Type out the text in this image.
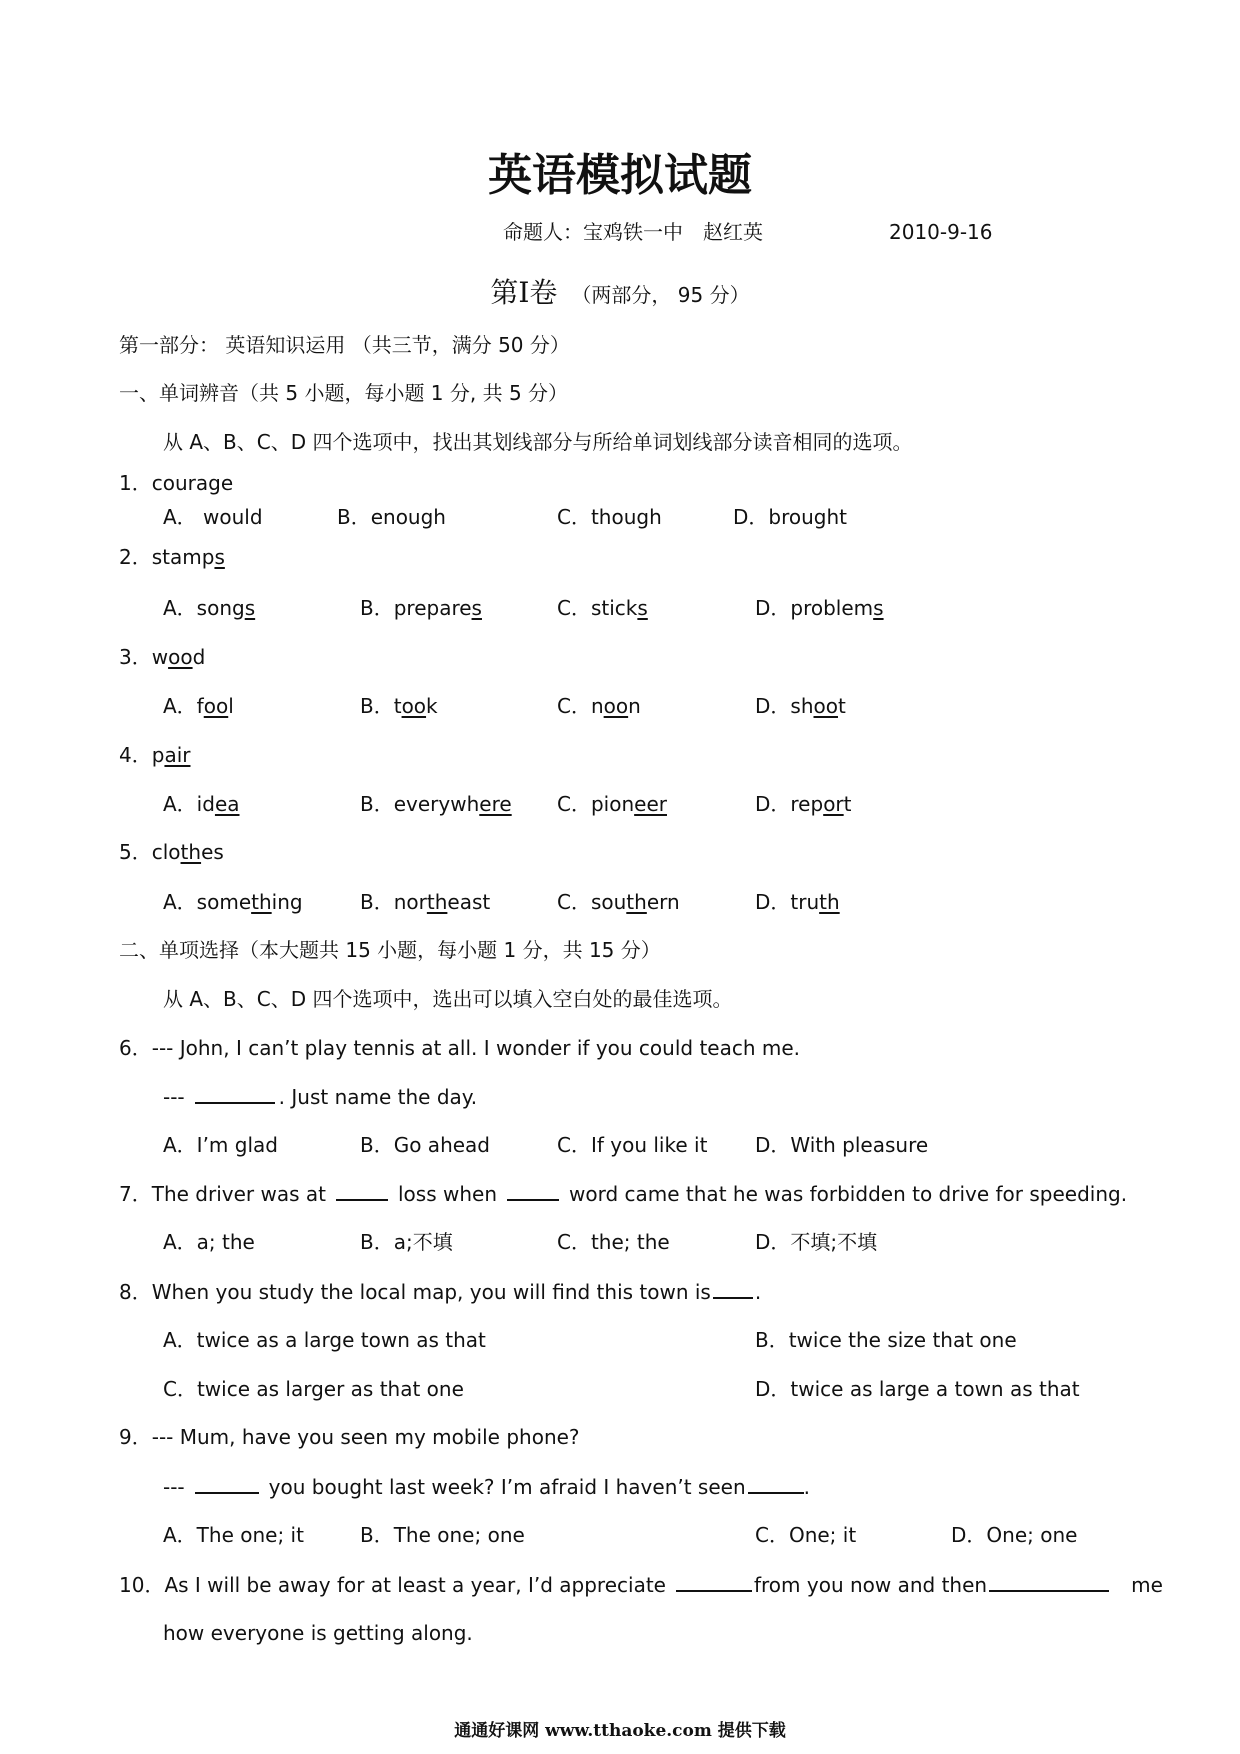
英语模拟试题
命题人：宝鸡铁一中　赵红英	2010-9-16
第Ⅰ卷 （两部分， 95 分）
第一部分： 英语知识运用 （共三节，满分 50 分）
一、单词辨音（共 5 小题，每小题 1 分, 共 5 分）
从 A、B、C、D 四个选项中，找出其划线部分与所给单词划线部分读音相同的选项。
1．courage
A． would	B．enough	C．though	D．brought
2．stamps
A．songs	B．prepares	C．sticks	D．problems
3．wood
A．fool	B．took	C．noon	D．shoot
4．pair
A．idea	B．everywhere C．pioneer	D．report
5．clothes
A．something	B．northeast	C．southern	D．truth
二、单项选择（本大题共 15 小题，每小题 1 分，共 15 分）
从 A、B、C、D 四个选项中，选出可以填入空白处的最佳选项。
6．--- John, I can’t play tennis at all. I wonder if you could teach me.
---	. Just name the day.
A．I’m glad	B．Go ahead	C．If you like it D．With pleasure
7．The driver was at	loss when	word came that he was forbidden to drive for speeding.
A．a; the	B．a;不填	C．the; the	D．不填;不填
8．When you study the local map, you will find this town is .
A．twice as a large town as that	B．twice the size that one
C．twice as larger as that one	D．twice as large a town as that
9．--- Mum, have you seen my mobile phone?
---	you bought last week? I’m afraid I haven’t seen	.
A．The one; it	B．The one; one	C．One; it	D．One; one
10．As I will be away for at least a year, I’d appreciate	from you now and then	me
how everyone is getting along.
通通好课网 www.tthaoke.com 提供下载
